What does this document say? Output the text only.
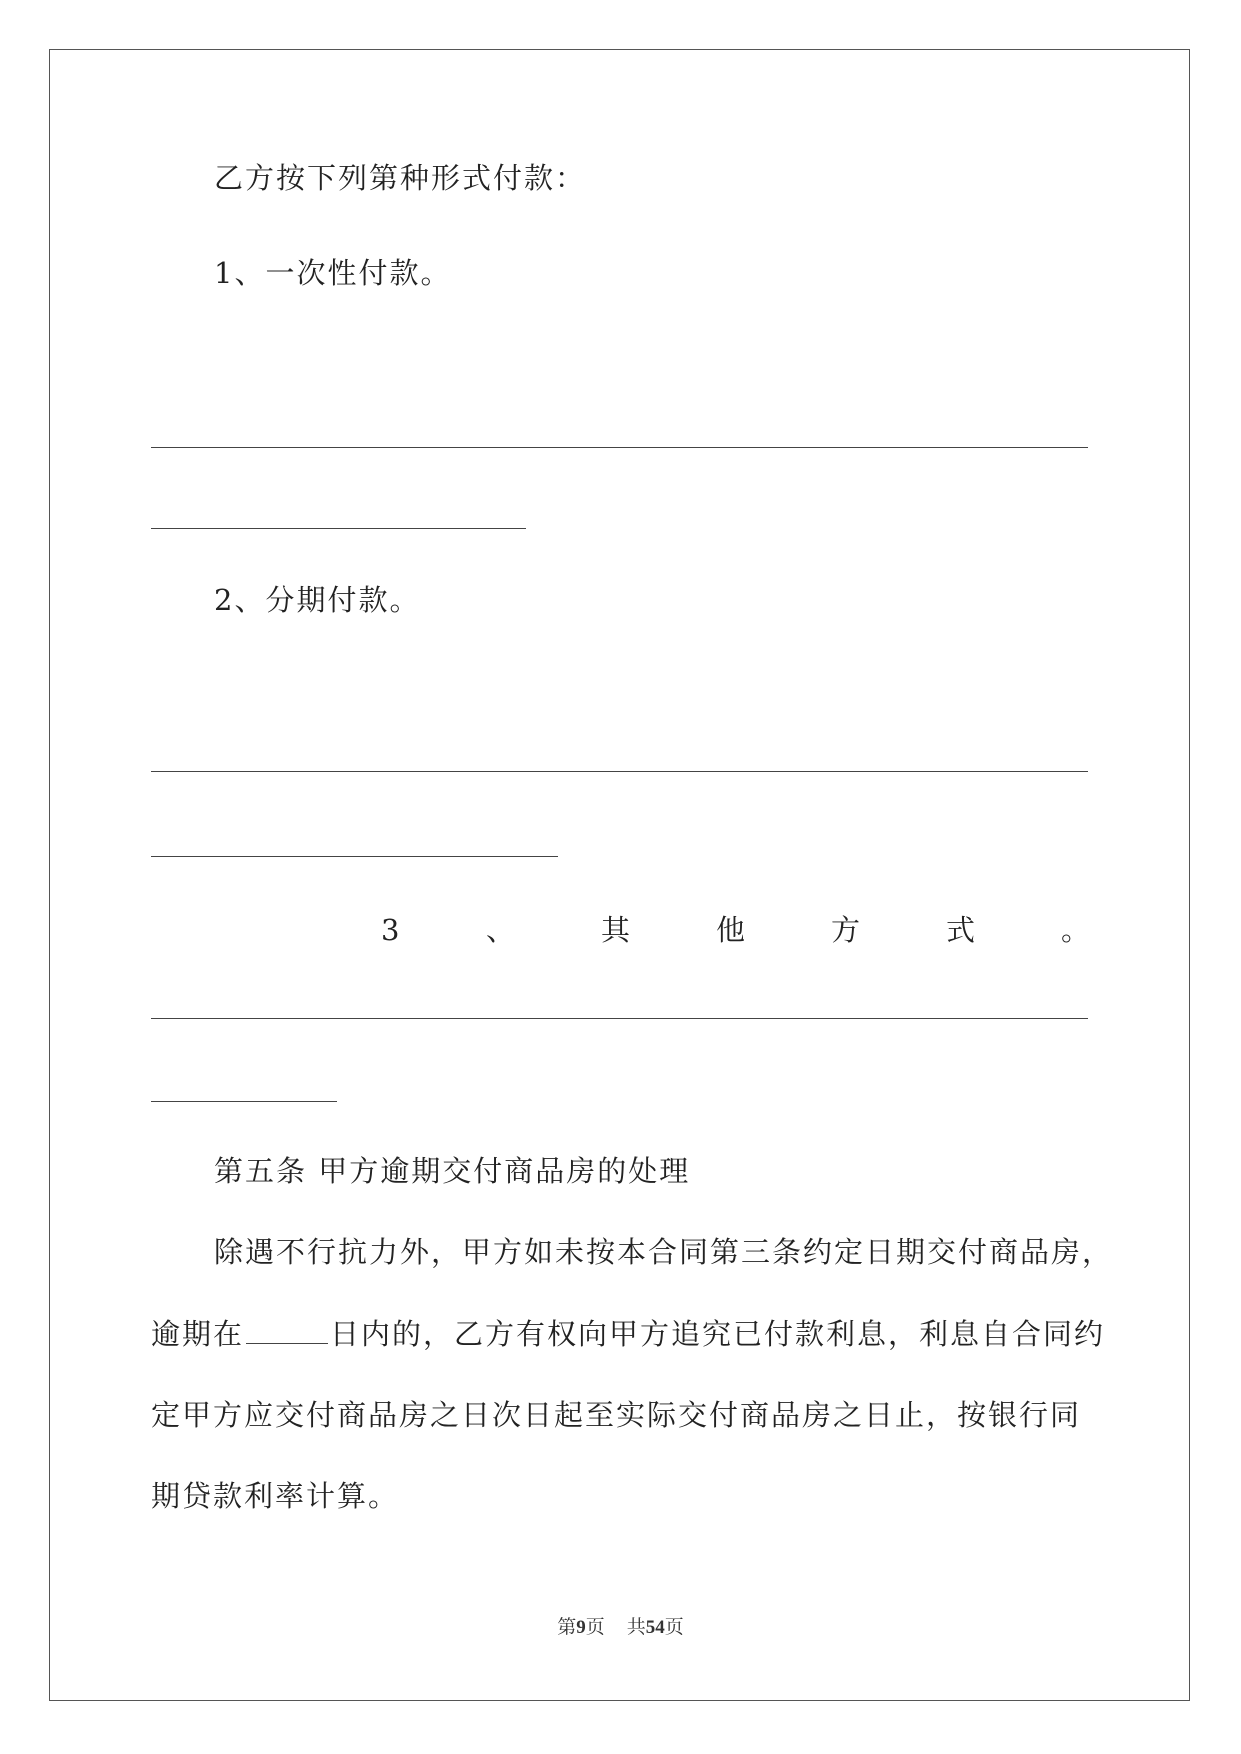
乙方按下列第种形式付款：
1、一次性付款。
2、分期付款。
3	、	其	他	方	式	。
第五条 甲方逾期交付商品房的处理
除遇不行抗力外，甲方如未按本合同第三条约定日期交付商品房，
逾期在	日内的，乙方有权向甲方追究已付款利息，利息自合同约
定甲方应交付商品房之日次日起至实际交付商品房之日止，按银行同
期贷款利率计算。
第9页 共54页
